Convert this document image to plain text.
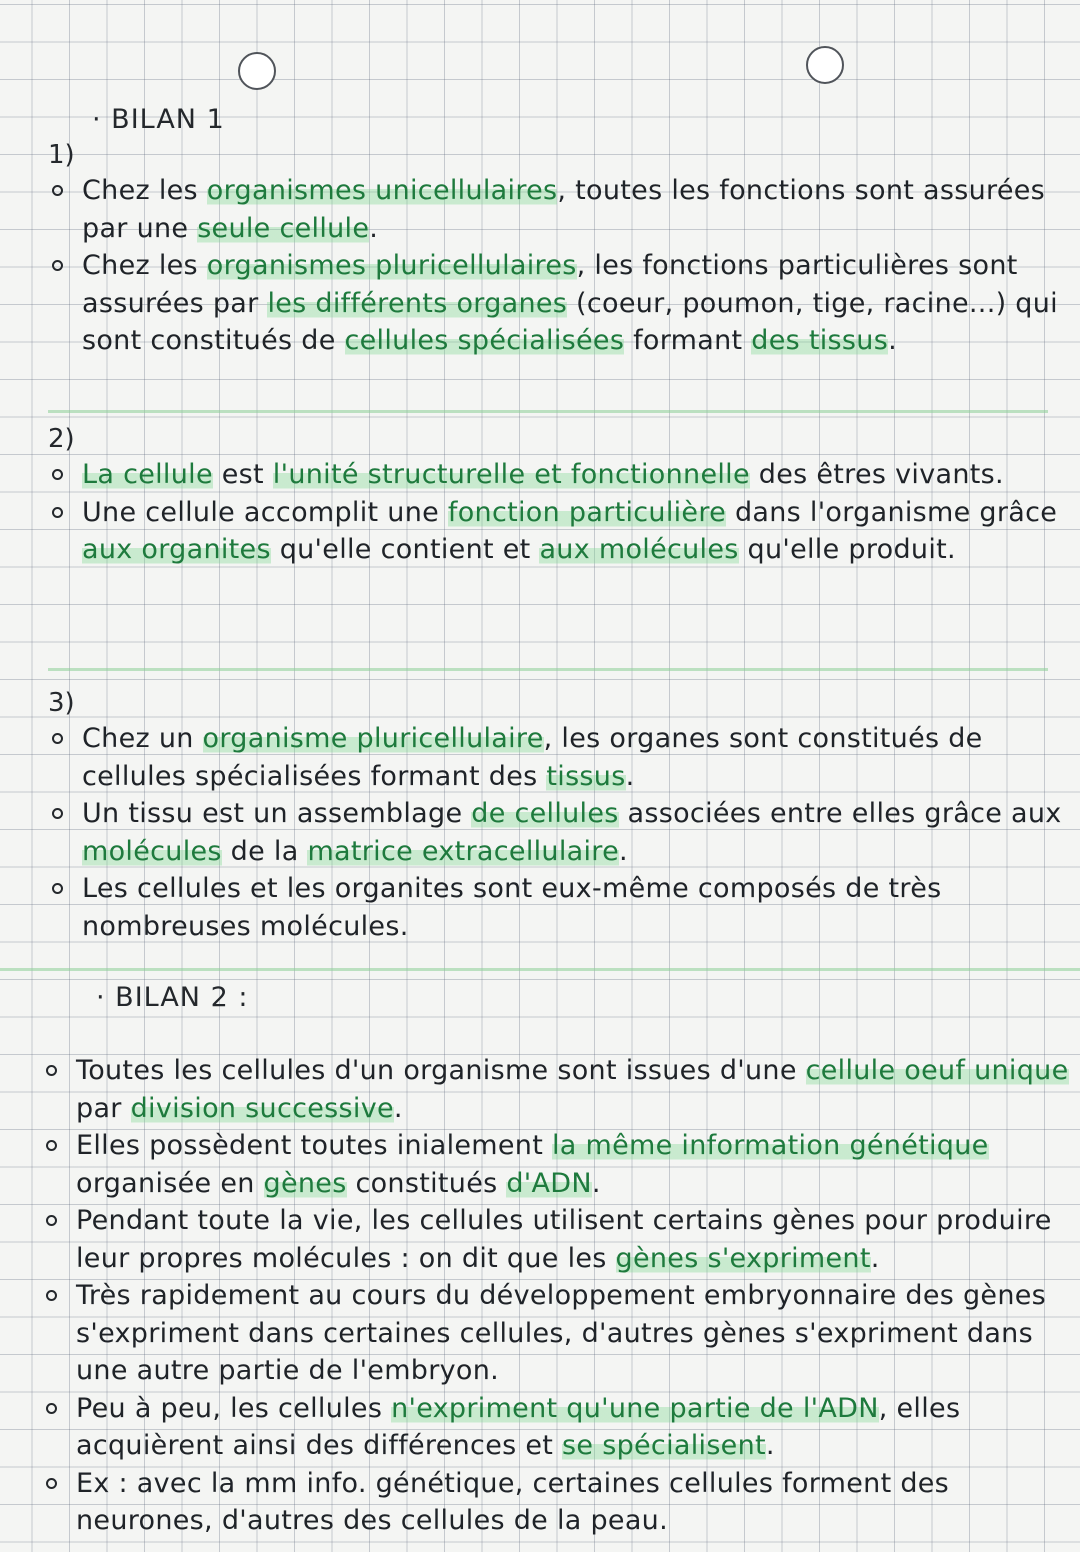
· BILAN 1

1)

Chez les organismes unicellulaires, toutes les fonctions sont assurées par une seule cellule.
Chez les organismes pluricellulaires, les fonctions particulières sont assurées par les différents organes (coeur, poumon, tige, racine...) qui sont constitués de cellules spécialisées formant des tissus.

2)

La cellule est l'unité structurelle et fonctionnelle des êtres vivants.
Une cellule accomplit une fonction particulière dans l'organisme grâce aux organites qu'elle contient et aux molécules qu'elle produit.

3)

Chez un organisme pluricellulaire, les organes sont constitués de cellules spécialisées formant des tissus.
Un tissu est un assemblage de cellules associées entre elles grâce aux molécules de la matrice extracellulaire.
Les cellules et les organites sont eux-même composés de très nombreuses molécules.

· BILAN 2 :

Toutes les cellules d'un organisme sont issues d'une cellule oeuf unique par division successive.
Elles possèdent toutes inialement la même information génétique organisée en gènes constitués d'ADN.
Pendant toute la vie, les cellules utilisent certains gènes pour produire leur propres molécules : on dit que les gènes s'expriment.
Très rapidement au cours du développement embryonnaire des gènes s'expriment dans certaines cellules, d'autres gènes s'expriment dans une autre partie de l'embryon.
Peu à peu, les cellules n'expriment qu'une partie de l'ADN, elles acquièrent ainsi des différences et se spécialisent.
Ex : avec la mm info. génétique, certaines cellules forment des neurones, d'autres des cellules de la peau.
